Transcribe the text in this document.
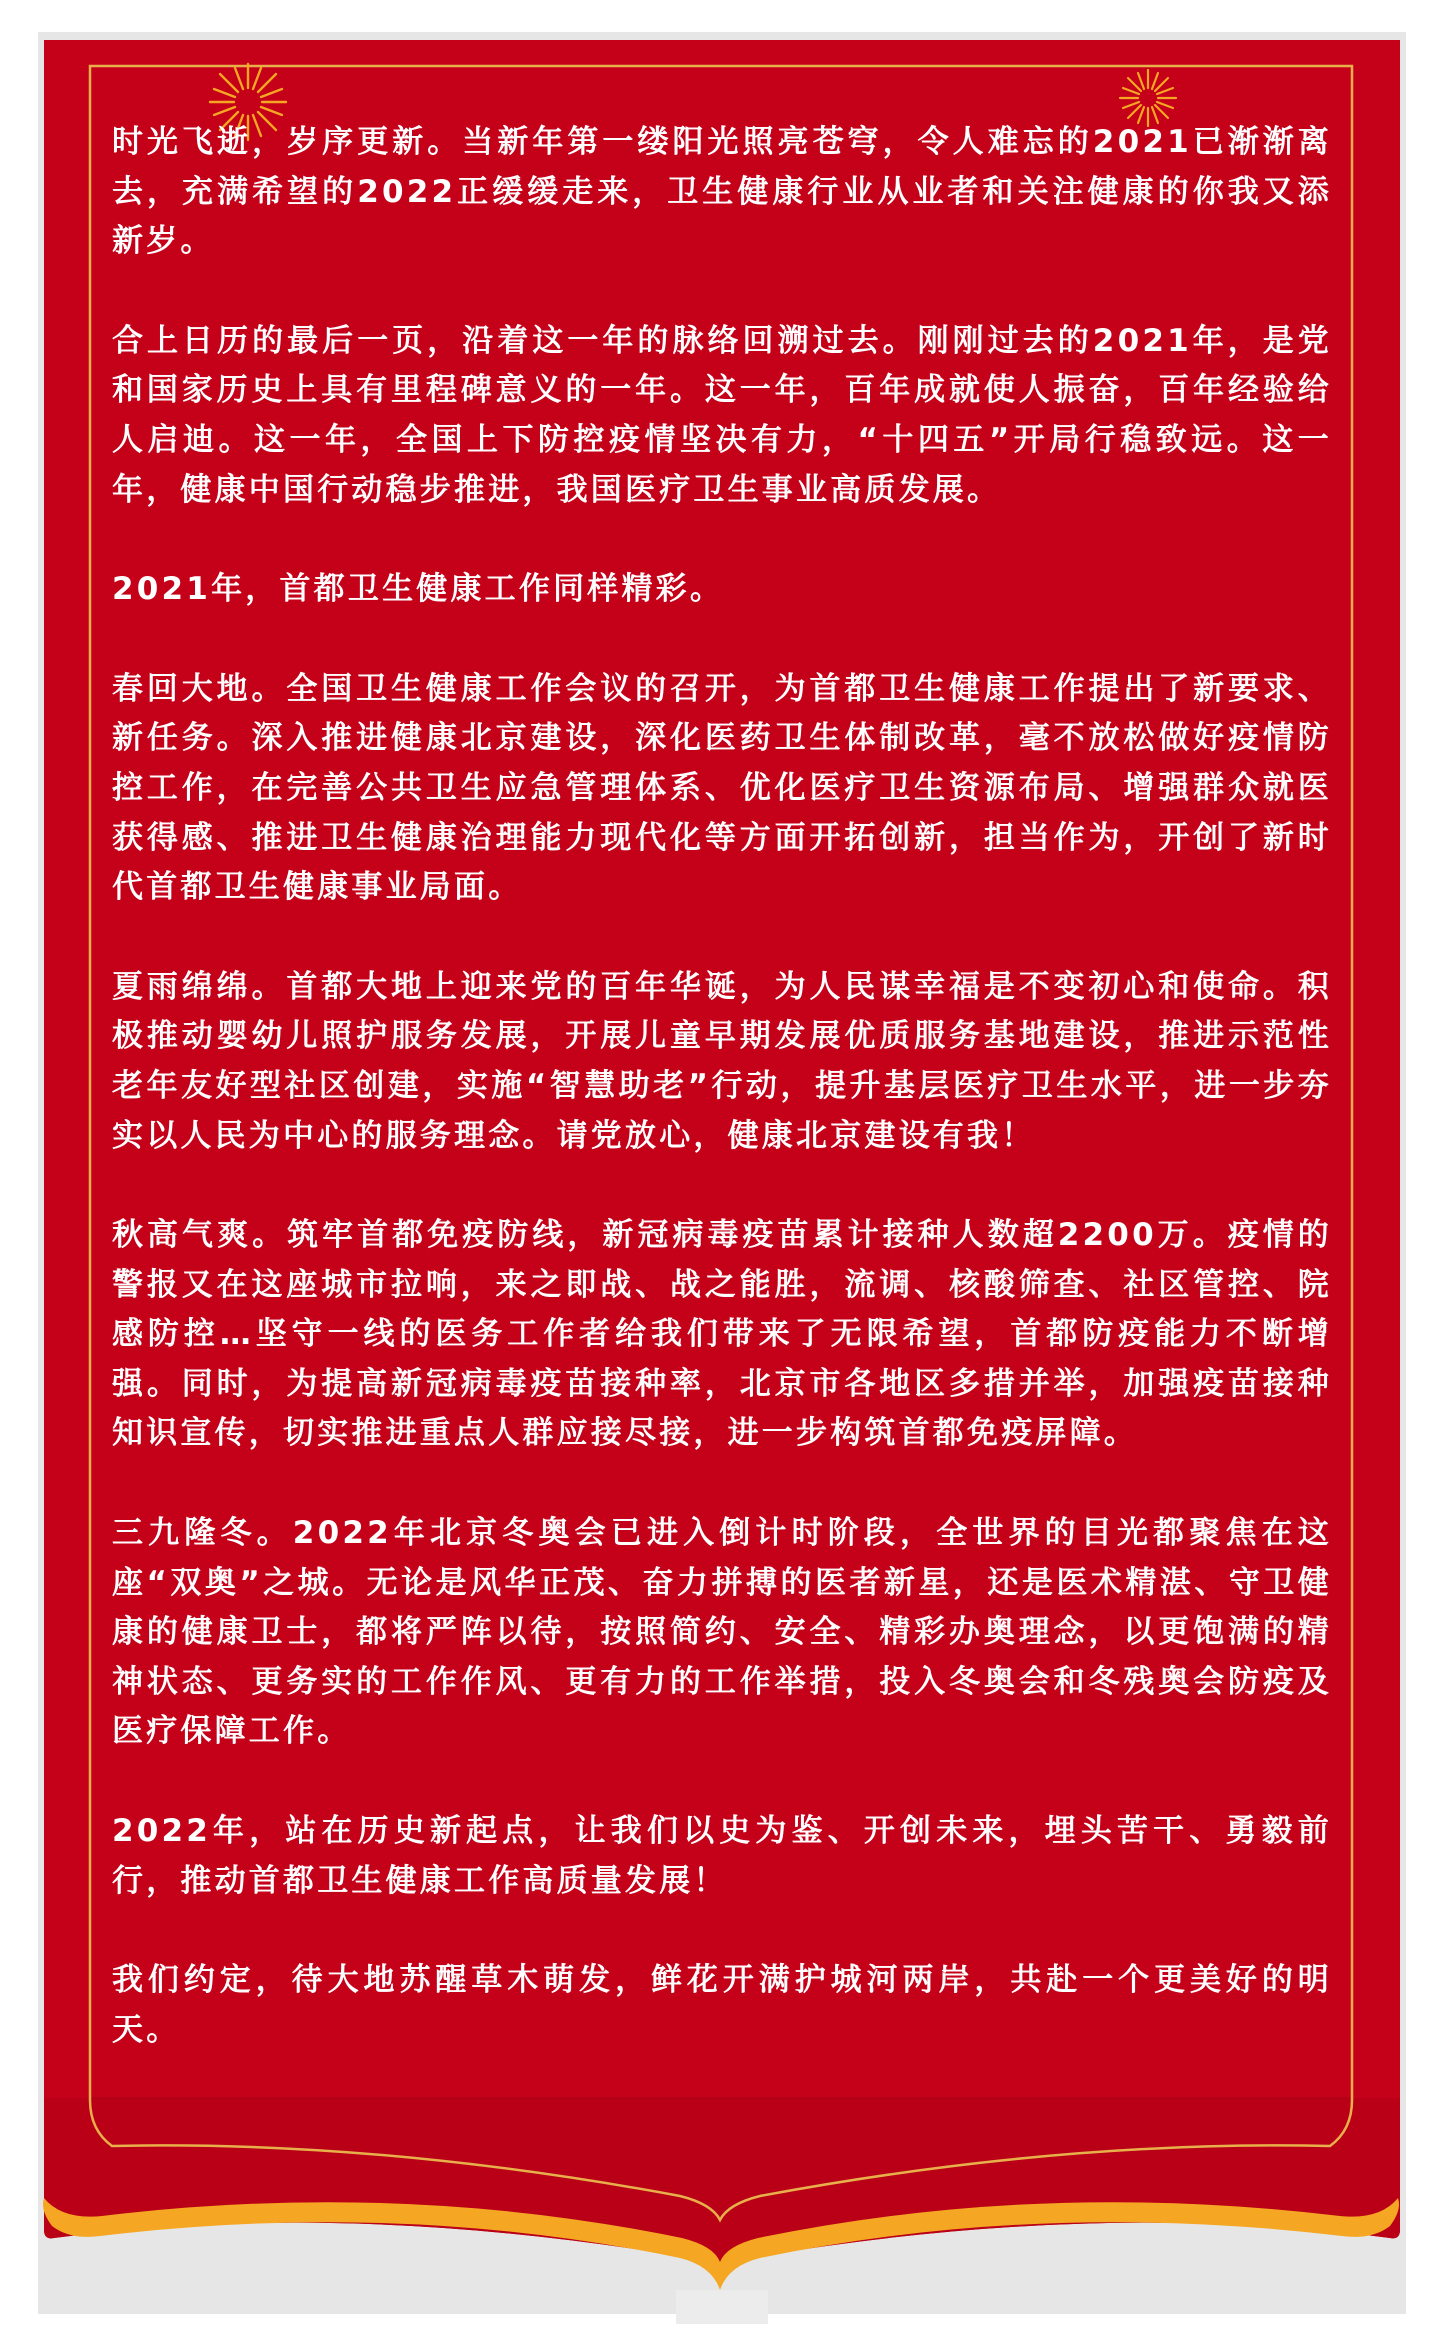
时光飞逝，岁序更新。当新年第一缕阳光照亮苍穹，令人难忘的2021已渐渐离去，充满希望的2022正缓缓走来，卫生健康行业从业者和关注健康的你我又添新岁。

合上日历的最后一页，沿着这一年的脉络回溯过去。刚刚过去的2021年，是党和国家历史上具有里程碑意义的一年。这一年，百年成就使人振奋，百年经验给人启迪。这一年，全国上下防控疫情坚决有力，“十四五”开局行稳致远。这一年，健康中国行动稳步推进，我国医疗卫生事业高质发展。

2021年，首都卫生健康工作同样精彩。

春回大地。全国卫生健康工作会议的召开，为首都卫生健康工作提出了新要求、新任务。深入推进健康北京建设，深化医药卫生体制改革，毫不放松做好疫情防控工作，在完善公共卫生应急管理体系、优化医疗卫生资源布局、增强群众就医获得感、推进卫生健康治理能力现代化等方面开拓创新，担当作为，开创了新时代首都卫生健康事业局面。

夏雨绵绵。首都大地上迎来党的百年华诞，为人民谋幸福是不变初心和使命。积极推动婴幼儿照护服务发展，开展儿童早期发展优质服务基地建设，推进示范性老年友好型社区创建，实施“智慧助老”行动，提升基层医疗卫生水平，进一步夯实以人民为中心的服务理念。请党放心，健康北京建设有我！

秋高气爽。筑牢首都免疫防线，新冠病毒疫苗累计接种人数超2200万。疫情的警报又在这座城市拉响，来之即战、战之能胜，流调、核酸筛查、社区管控、院感防控…坚守一线的医务工作者给我们带来了无限希望，首都防疫能力不断增强。同时，为提高新冠病毒疫苗接种率，北京市各地区多措并举，加强疫苗接种知识宣传，切实推进重点人群应接尽接，进一步构筑首都免疫屏障。

三九隆冬。2022年北京冬奥会已进入倒计时阶段，全世界的目光都聚焦在这座“双奥”之城。无论是风华正茂、奋力拼搏的医者新星，还是医术精湛、守卫健康的健康卫士，都将严阵以待，按照简约、安全、精彩办奥理念，以更饱满的精神状态、更务实的工作作风、更有力的工作举措，投入冬奥会和冬残奥会防疫及医疗保障工作。

2022年，站在历史新起点，让我们以史为鉴、开创未来，埋头苦干、勇毅前行，推动首都卫生健康工作高质量发展！

我们约定，待大地苏醒草木萌发，鲜花开满护城河两岸，共赴一个更美好的明天。
